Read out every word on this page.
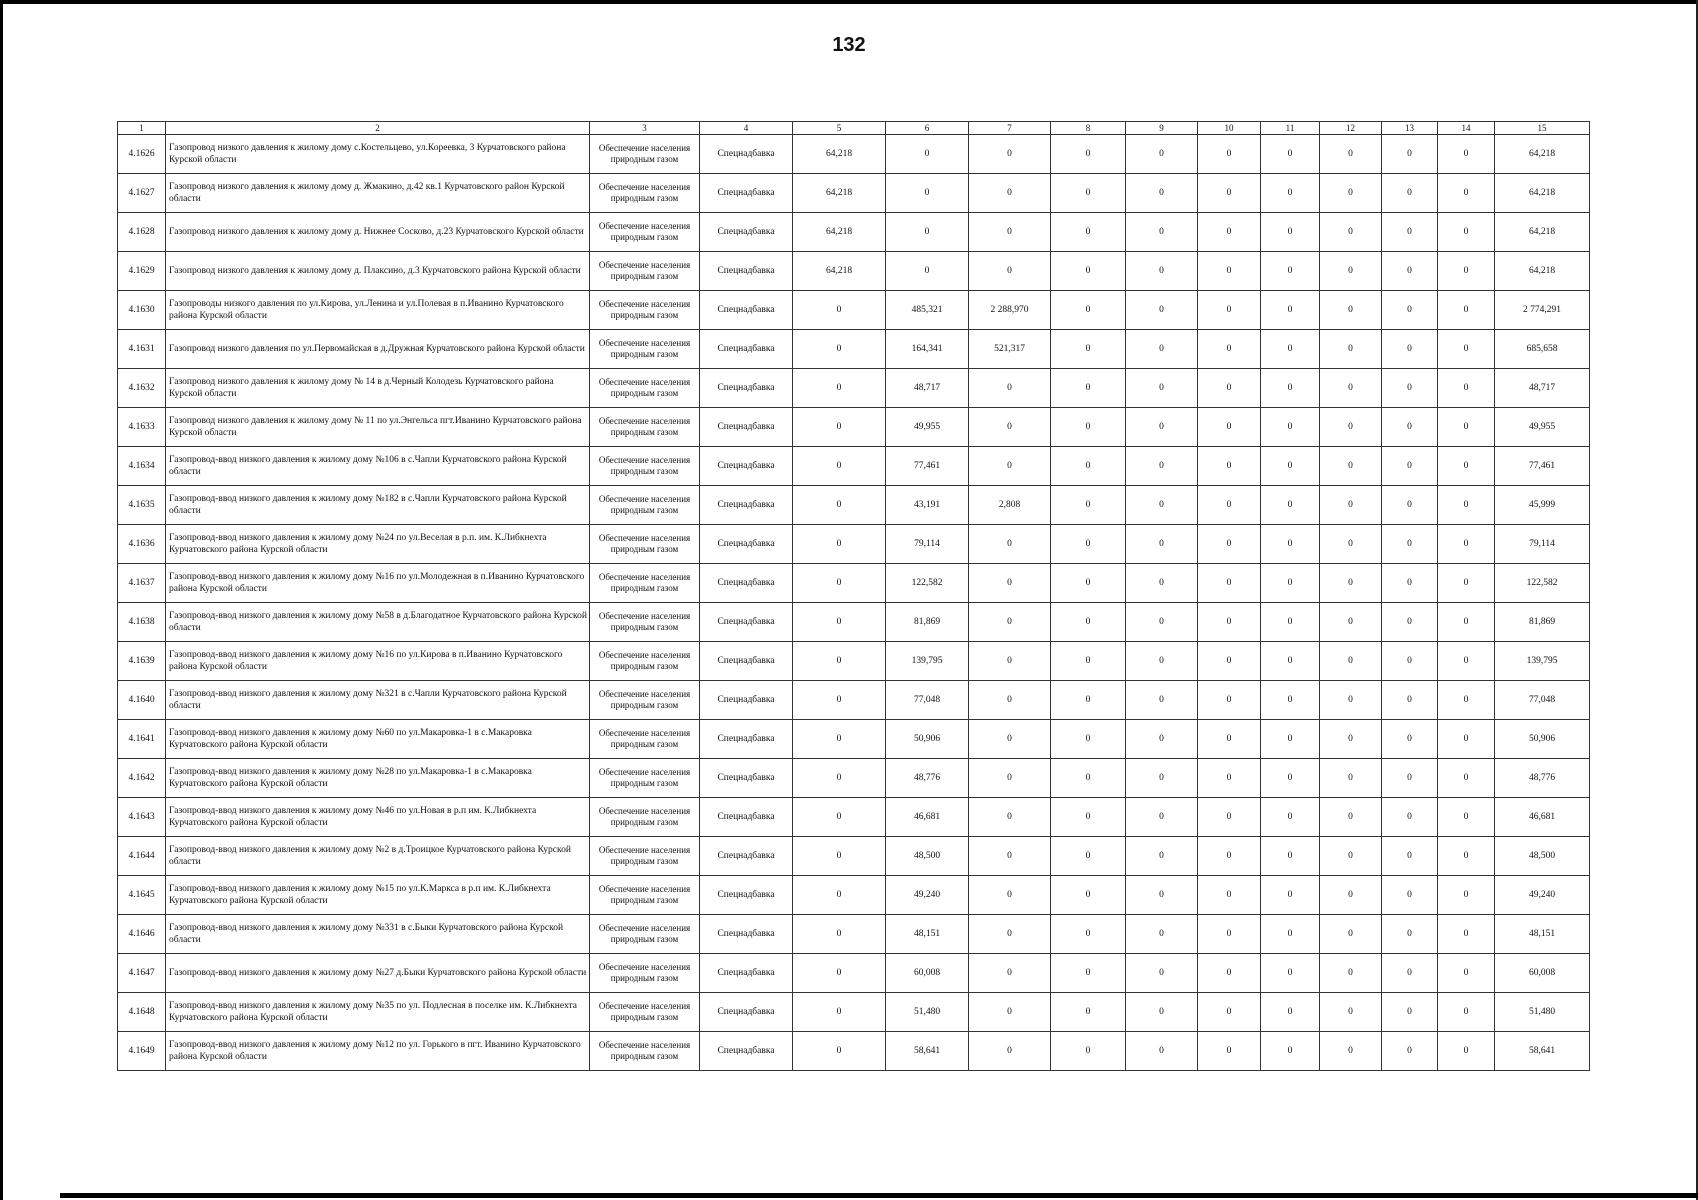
132
1	2	3	4	5	6	7	8	9	10	11	12	13	14	15
4.1626	Газопровод низкого давления к жилому дому с.Костельцево, ул.Кореевка, 3 Курчатовского района Курской области	Обеспечение населения природным газом	Спецнадбавка	64,218	0	0	0	0	0	0	0	0	0	64,218
4.1627	Газопровод низкого давления к жилому дому д. Жмакино, д.42 кв.1 Курчатовского район Курской области	Обеспечение населения природным газом	Спецнадбавка	64,218	0	0	0	0	0	0	0	0	0	64,218
4.1628	Газопровод низкого давления к жилому дому д. Нижнее Сосково, д.23 Курчатовского Курской области	Обеспечение населения природным газом	Спецнадбавка	64,218	0	0	0	0	0	0	0	0	0	64,218
4.1629	Газопровод низкого давления к жилому дому д. Плаксино, д.3 Курчатовского района Курской области	Обеспечение населения природным газом	Спецнадбавка	64,218	0	0	0	0	0	0	0	0	0	64,218
4.1630	Газопроводы низкого давления по ул.Кирова, ул.Ленина и ул.Полевая в п.Иванино Курчатовского района Курской области	Обеспечение населения природным газом	Спецнадбавка	0	485,321	2 288,970	0	0	0	0	0	0	0	2 774,291
4.1631	Газопровод низкого давления по ул.Первомайская в д.Дружная Курчатовского района Курской области	Обеспечение населения природным газом	Спецнадбавка	0	164,341	521,317	0	0	0	0	0	0	0	685,658
4.1632	Газопровод низкого давления к жилому дому № 14 в д.Черный Колодезь Курчатовского района Курской области	Обеспечение населения природным газом	Спецнадбавка	0	48,717	0	0	0	0	0	0	0	0	48,717
4.1633	Газопровод низкого давления к жилому дому № 11 по ул.Энгельса пгт.Иванино Курчатовского района Курской области	Обеспечение населения природным газом	Спецнадбавка	0	49,955	0	0	0	0	0	0	0	0	49,955
4.1634	Газопровод-ввод низкого давления к жилому дому №106 в с.Чапли Курчатовского района Курской области	Обеспечение населения природным газом	Спецнадбавка	0	77,461	0	0	0	0	0	0	0	0	77,461
4.1635	Газопровод-ввод низкого давления к жилому дому №182 в с.Чапли Курчатовского района Курской области	Обеспечение населения природным газом	Спецнадбавка	0	43,191	2,808	0	0	0	0	0	0	0	45,999
4.1636	Газопровод-ввод низкого давления к жилому дому №24 по ул.Веселая в р.п. им. К.Либкнехта Курчатовского района Курской области	Обеспечение населения природным газом	Спецнадбавка	0	79,114	0	0	0	0	0	0	0	0	79,114
4.1637	Газопровод-ввод низкого давления к жилому дому №16 по ул.Молодежная в п.Иванино Курчатовского района Курской области	Обеспечение населения природным газом	Спецнадбавка	0	122,582	0	0	0	0	0	0	0	0	122,582
4.1638	Газопровод-ввод низкого давления к жилому дому №58 в д.Благодатное Курчатовского района Курской области	Обеспечение населения природным газом	Спецнадбавка	0	81,869	0	0	0	0	0	0	0	0	81,869
4.1639	Газопровод-ввод низкого давления к жилому дому №16 по ул.Кирова в п.Иванино Курчатовского района Курской области	Обеспечение населения природным газом	Спецнадбавка	0	139,795	0	0	0	0	0	0	0	0	139,795
4.1640	Газопровод-ввод низкого давления к жилому дому №321 в с.Чапли Курчатовского района Курской области	Обеспечение населения природным газом	Спецнадбавка	0	77,048	0	0	0	0	0	0	0	0	77,048
4.1641	Газопровод-ввод низкого давления к жилому дому №60 по ул.Макаровка-1 в с.Макаровка Курчатовского района Курской области	Обеспечение населения природным газом	Спецнадбавка	0	50,906	0	0	0	0	0	0	0	0	50,906
4.1642	Газопровод-ввод низкого давления к жилому дому №28 по ул.Макаровка-1 в с.Макаровка Курчатовского района Курской области	Обеспечение населения природным газом	Спецнадбавка	0	48,776	0	0	0	0	0	0	0	0	48,776
4.1643	Газопровод-ввод низкого давления к жилому дому №46 по ул.Новая в р.п им. К.Либкнехта Курчатовского района Курской области	Обеспечение населения природным газом	Спецнадбавка	0	46,681	0	0	0	0	0	0	0	0	46,681
4.1644	Газопровод-ввод низкого давления к жилому дому №2 в д.Троицкое Курчатовского района Курской области	Обеспечение населения природным газом	Спецнадбавка	0	48,500	0	0	0	0	0	0	0	0	48,500
4.1645	Газопровод-ввод низкого давления к жилому дому №15 по ул.К.Маркса в р.п им. К.Либкнехта Курчатовского района Курской области	Обеспечение населения природным газом	Спецнадбавка	0	49,240	0	0	0	0	0	0	0	0	49,240
4.1646	Газопровод-ввод низкого давления к жилому дому №331 в с.Быки Курчатовского района Курской области	Обеспечение населения природным газом	Спецнадбавка	0	48,151	0	0	0	0	0	0	0	0	48,151
4.1647	Газопровод-ввод низкого давления к жилому дому №27 д.Быки Курчатовского района Курской области	Обеспечение населения природным газом	Спецнадбавка	0	60,008	0	0	0	0	0	0	0	0	60,008
4.1648	Газопровод-ввод низкого давления к жилому дому №35 по ул. Подлесная в поселке им. К.Либкнехта Курчатовского района Курской области	Обеспечение населения природным газом	Спецнадбавка	0	51,480	0	0	0	0	0	0	0	0	51,480
4.1649	Газопровод-ввод низкого давления к жилому дому №12 по ул. Горького в пгт. Иванино Курчатовского района Курской области	Обеспечение населения природным газом	Спецнадбавка	0	58,641	0	0	0	0	0	0	0	0	58,641
